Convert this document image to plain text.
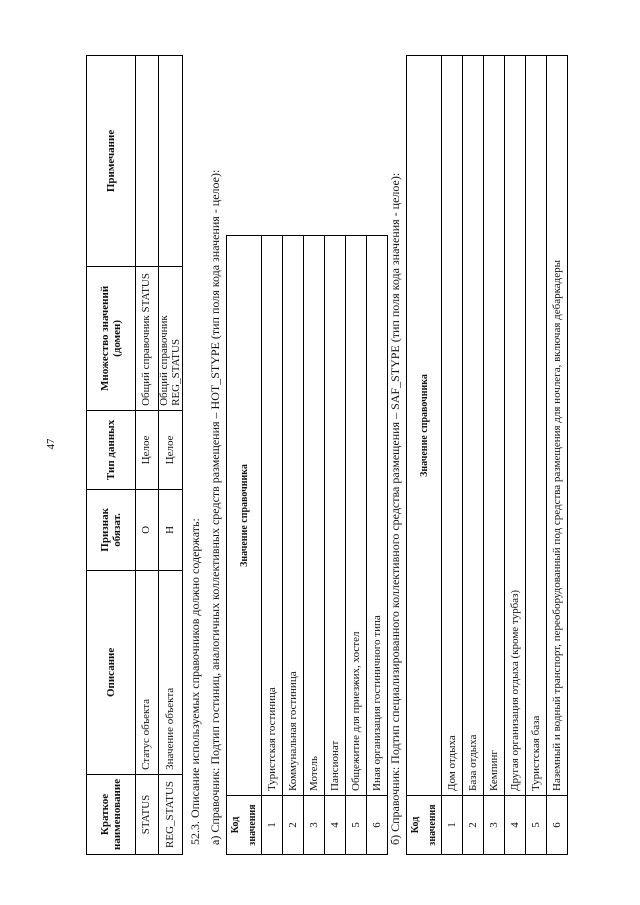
47
Краткое наименование	Описание	Признак обязат.	Тип данных	Множество значений (домен)	Примечание
STATUS	Статус объекта	О	Целое	Общий справочник STATUS	
REG_STATUS	Значение объекта	Н	Целое	Общий справочник REG_STATUS	
52.3. Описание используемых справочников должно содержать: а) Справочник: Подтип гостиниц, аналогичных коллективных средств размещения – HOT_STYPE (тип поля кода значения - целое): Код значения	Значение справочника
1	Туристская гостиница
2	Коммунальная гостиница
3	Мотель
4	Пансионат
5	Общежитие для приезжих, хостел
6	Иная организация гостиничного типа б) Справочник: Подтип специализированного коллективного средства размещения – SAF_STYPE (тип поля кода значения - целое): Код значения	Значение справочника
1	Дом отдыха
2	База отдыха
3	Кемпинг
4	Другая организация отдыха (кроме турбаз)
5	Туристская база
6	Наземный и водный транспорт, переоборудованный под средства размещения для ночлега, включая дебаркадеры
